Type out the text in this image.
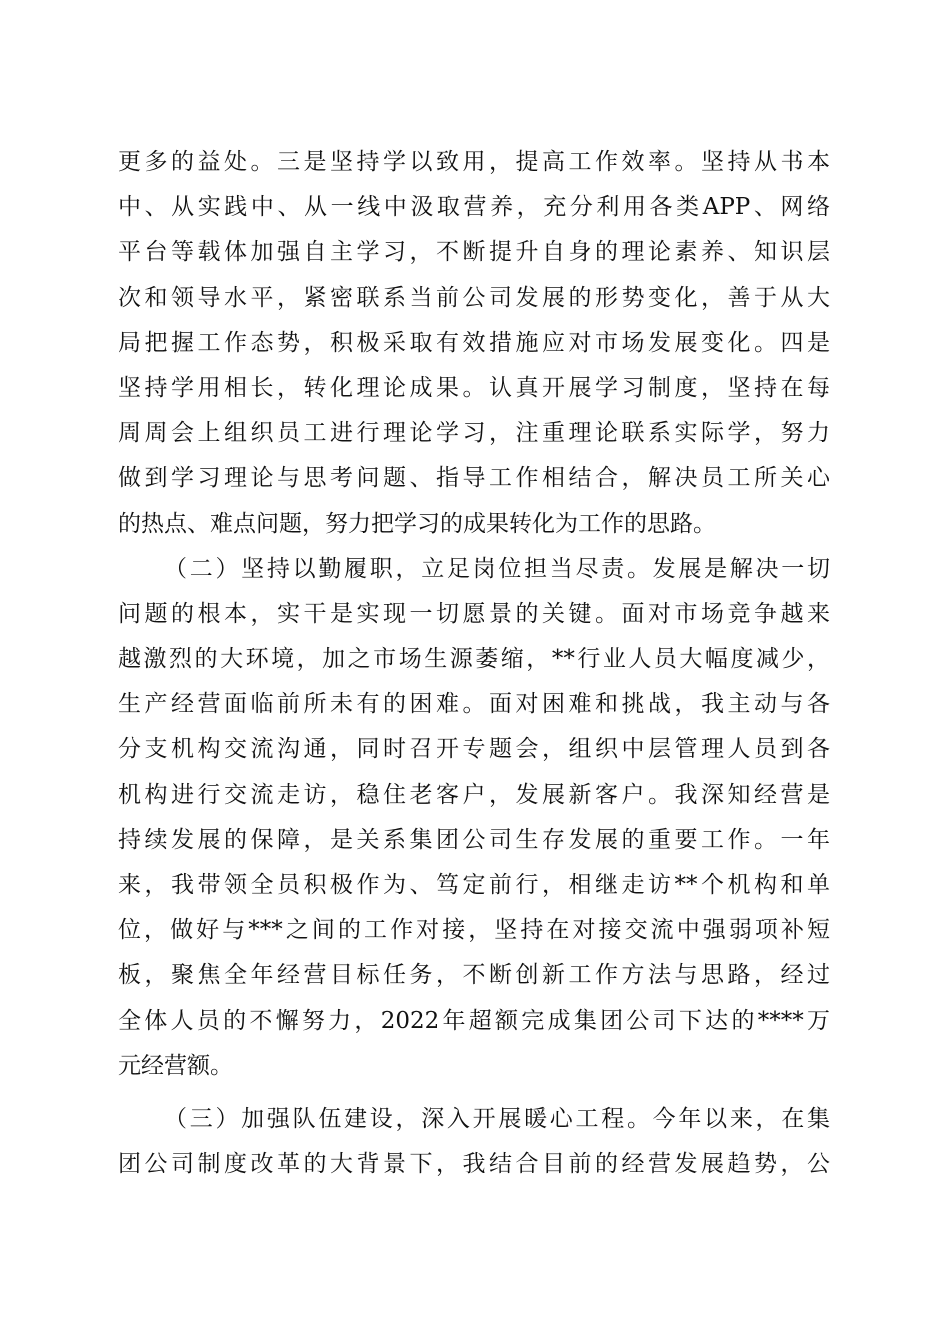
更多的益处。三是坚持学以致用，提高工作效率。坚持从书本
中、从实践中、从一线中汲取营养，充分利用各类APP、网络
平台等载体加强自主学习，不断提升自身的理论素养、知识层
次和领导水平，紧密联系当前公司发展的形势变化，善于从大
局把握工作态势，积极采取有效措施应对市场发展变化。四是
坚持学用相长，转化理论成果。认真开展学习制度，坚持在每
周周会上组织员工进行理论学习，注重理论联系实际学，努力
做到学习理论与思考问题、指导工作相结合，解决员工所关心
的热点、难点问题，努力把学习的成果转化为工作的思路。
（二）坚持以勤履职，立足岗位担当尽责。发展是解决一切
问题的根本，实干是实现一切愿景的关键。面对市场竞争越来
越激烈的大环境，加之市场生源萎缩，**行业人员大幅度减少，
生产经营面临前所未有的困难。面对困难和挑战，我主动与各
分支机构交流沟通，同时召开专题会，组织中层管理人员到各
机构进行交流走访，稳住老客户，发展新客户。我深知经营是
持续发展的保障，是关系集团公司生存发展的重要工作。一年
来，我带领全员积极作为、笃定前行，相继走访**个机构和单
位，做好与***之间的工作对接，坚持在对接交流中强弱项补短
板，聚焦全年经营目标任务，不断创新工作方法与思路，经过
全体人员的不懈努力，2022年超额完成集团公司下达的****万
元经营额。
（三）加强队伍建设，深入开展暖心工程。今年以来，在集
团公司制度改革的大背景下，我结合目前的经营发展趋势，公
